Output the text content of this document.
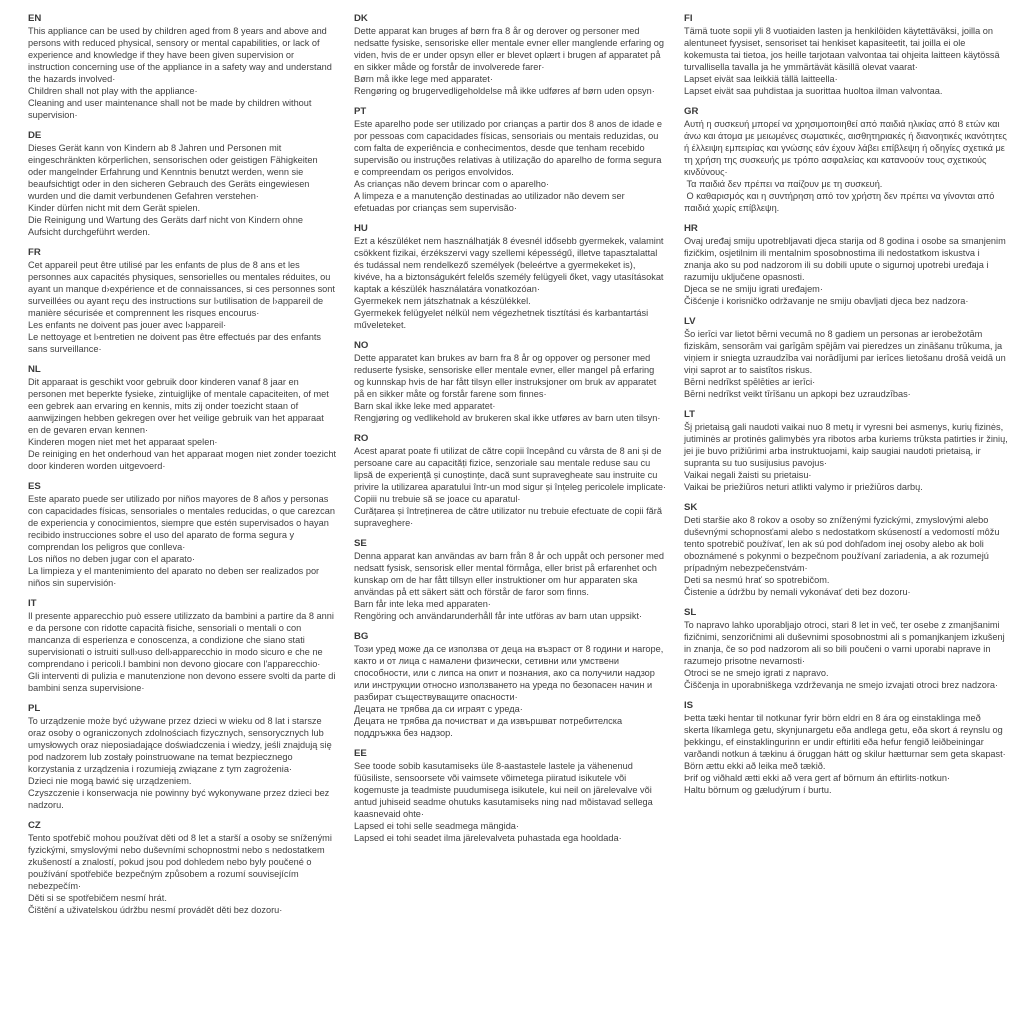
EN

This appliance can be used by children aged from 8 years and above and persons with reduced physical, sensory or mental capabilities, or lack of experience and knowledge if they have been given supervision or instruction concerning use of the appliance in a safety way and understand the hazards involved·

Children shall not play with the appliance·

Cleaning and user maintenance shall not be made by children without supervision·

DE

Dieses Gerät kann von Kindern ab 8 Jahren und Personen mit eingeschränkten körperlichen, sensorischen oder geistigen Fähigkeiten oder mangelnder Erfahrung und Kenntnis benutzt werden, wenn sie beaufsichtigt oder in den sicheren Gebrauch des Geräts eingewiesen wurden und die damit verbundenen Gefahren verstehen·

Kinder dürfen nicht mit dem Gerät spielen.

Die Reinigung und Wartung des Geräts darf nicht von Kindern ohne Aufsicht durchgeführt werden.

FR

Cet appareil peut être utilisé par les enfants de plus de 8 ans et les personnes aux capacités physiques, sensorielles ou mentales réduites, ou ayant un manque d›expérience et de connaissances, si ces personnes sont surveillées ou ayant reçu des instructions sur l›utilisation de l›appareil de manière sécurisée et comprennent les risques encourus·

Les enfants ne doivent pas jouer avec l›appareil·

Le nettoyage et l›entretien ne doivent pas être effectués par des enfants sans surveillance·

NL

Dit apparaat is geschikt voor gebruik door kinderen vanaf 8 jaar en personen met beperkte fysieke, zintuiglijke of mentale capaciteiten, of met een gebrek aan ervaring en kennis, mits zij onder toezicht staan of aanwijzingen hebben gekregen over het veilige gebruik van het apparaat en de gevaren ervan kennen·

Kinderen mogen niet met het apparaat spelen·

De reiniging en het onderhoud van het apparaat mogen niet zonder toezicht door kinderen worden uitgevoerd·

ES

Este aparato puede ser utilizado por niños mayores de 8 años y personas con capacidades físicas, sensoriales o mentales reducidas, o que carezcan de experiencia y conocimientos, siempre que estén supervisados o hayan recibido instrucciones sobre el uso del aparato de forma segura y comprendan los peligros que conlleva·

Los niños no deben jugar con el aparato·

La limpieza y el mantenimiento del aparato no deben ser realizados por niños sin supervisión·

IT

Il presente apparecchio può essere utilizzato da bambini a partire da 8 anni e da persone con ridotte capacità fisiche, sensoriali o mentali o con mancanza di esperienza e conoscenza, a condizione che siano stati supervisionati o istruiti sull›uso dell›apparecchio in modo sicuro e che ne comprendano i pericoli.I bambini non devono giocare con l'apparecchio·

Gli interventi di pulizia e manutenzione non devono essere svolti da parte di bambini senza supervisione·

PL

To urządzenie może być używane przez dzieci w wieku od 8 lat i starsze oraz osoby o ograniczonych zdolnościach fizycznych, sensorycznych lub umysłowych oraz nieposiadające doświadczenia i wiedzy, jeśli znajdują się pod nadzorem lub zostały poinstruowane na temat bezpiecznego korzystania z urządzenia i rozumieją związane z tym zagrożenia·

Dzieci nie mogą bawić się urządzeniem.

Czyszczenie i konserwacja nie powinny być wykonywane przez dzieci bez nadzoru.

CZ

Tento spotřebič mohou používat děti od 8 let a starší a osoby se sníženými fyzickými, smyslovými nebo duševními schopnostmi nebo s nedostatkem zkušeností a znalostí, pokud jsou pod dohledem nebo byly poučené o používání spotřebiče bezpečným způsobem a rozumí souvisejícím nebezpečím·

Děti si se spotřebičem nesmí hrát.

Čištění a uživatelskou údržbu nesmí provádět děti bez dozoru·

DK

Dette apparat kan bruges af børn fra 8 år og derover og personer med nedsatte fysiske, sensoriske eller mentale evner eller manglende erfaring og viden, hvis de er under opsyn eller er blevet oplært i brugen af apparatet på en sikker måde og forstår de involverede farer·

Børn må ikke lege med apparatet·

Rengøring og brugervedligeholdelse må ikke udføres af børn uden opsyn·

PT

Este aparelho pode ser utilizado por crianças a partir dos 8 anos de idade e por pessoas com capacidades físicas, sensoriais ou mentais reduzidas, ou com falta de experiência e conhecimentos, desde que tenham recebido supervisão ou instruções relativas à utilização do aparelho de forma segura e compreendam os perigos envolvidos.

As crianças não devem brincar com o aparelho·

A limpeza e a manutenção destinadas ao utilizador não devem ser efetuadas por crianças sem supervisão·

HU

Ezt a készüléket nem használhatják 8 évesnél idősebb gyermekek, valamint csökkent fizikai, érzékszervi vagy szellemi képességű, illetve tapasztalattal és tudással nem rendelkező személyek (beleértve a gyermekeket is), kivéve, ha a biztonságukért felelős személy felügyeli őket, vagy utasításokat kaptak a készülék használatára vonatkozóan·

Gyermekek nem játszhatnak a készülékkel.

Gyermekek felügyelet nélkül nem végezhetnek tisztítási és karbantartási műveleteket.

NO

Dette apparatet kan brukes av barn fra 8 år og oppover og personer med reduserte fysiske, sensoriske eller mentale evner, eller mangel på erfaring og kunnskap hvis de har fått tilsyn eller instruksjoner om bruk av apparatet på en sikker måte og forstår farene som finnes·

Barn skal ikke leke med apparatet·

Rengjøring og vedlikehold av brukeren skal ikke utføres av barn uten tilsyn·

RO

Acest aparat poate fi utilizat de către copii începând cu vârsta de 8 ani și de persoane care au capacități fizice, senzoriale sau mentale reduse sau cu lipsă de experiență și cunoștințe, dacă sunt supravegheate sau instruite cu privire la utilizarea aparatului într-un mod sigur și înțeleg pericolele implicate·

Copiii nu trebuie să se joace cu aparatul·

Curățarea și întreținerea de către utilizator nu trebuie efectuate de copii fără supraveghere·

SE

Denna apparat kan användas av barn från 8 år och uppåt och personer med nedsatt fysisk, sensorisk eller mental förmåga, eller brist på erfarenhet och kunskap om de har fått tillsyn eller instruktioner om hur apparaten ska användas på ett säkert sätt och förstår de faror som finns.

Barn får inte leka med apparaten·

Rengöring och användarunderhåll får inte utföras av barn utan uppsikt·

BG

Този уред може да се използва от деца на възраст от 8 години и нагоре, както и от лица с намалени физически, сетивни или умствени способности, или с липса на опит и познания, ако са получили надзор или инструкции относно използването на уреда по безопасен начин и разбират съществуващите опасности·

Децата не трябва да си играят с уреда·

Децата не трябва да почистват и да извършват потребителска поддръжка без надзор.

EE

See toode sobib kasutamiseks üle 8-aastastele lastele ja vähenenud füüsiliste, sensoorsete või vaimsete võimetega piiratud isikutele või kogemuste ja teadmiste puudumisega isikutele, kui neil on järelevalve või antud juhiseid seadme ohutuks kasutamiseks ning nad mõistavad sellega kaasnevaid ohte·

Lapsed ei tohi selle seadmega mängida·

Lapsed ei tohi seadet ilma järelevalveta puhastada ega hooldada·

FI

Tämä tuote sopii yli 8 vuotiaiden lasten ja henkilöiden käytettäväksi, joilla on alentuneet fyysiset, sensoriset tai henkiset kapasiteetit, tai joilla ei ole kokemusta tai tietoa, jos heille tarjotaan valvontaa tai ohjeita laitteen käytössä turvallisella tavalla ja he ymmärtävät käsillä olevat vaarat·

Lapset eivät saa leikkiä tällä laitteella·

Lapset eivät saa puhdistaa ja suorittaa huoltoa ilman valvontaa.

GR

Αυτή η συσκευή μπορεί να χρησιμοποιηθεί από παιδιά ηλικίας από 8 ετών και άνω και άτομα με μειωμένες σωματικές, αισθητηριακές ή διανοητικές ικανότητες ή έλλειψη εμπειρίας και γνώσης εάν έχουν λάβει επίβλεψη ή οδηγίες σχετικά με τη χρήση της συσκευής με τρόπο ασφαλείας και κατανοούν τους σχετικούς κινδύνους·

Τα παιδιά δεν πρέπει να παίζουν με τη συσκευή.

Ο καθαρισμός και η συντήρηση από τον χρήστη δεν πρέπει να γίνονται από παιδιά χωρίς επίβλεψη.

HR

Ovaj uređaj smiju upotrebljavati djeca starija od 8 godina i osobe sa smanjenim fizičkim, osjetilnim ili mentalnim sposobnostima ili nedostatkom iskustva i znanja ako su pod nadzorom ili su dobili upute o sigurnoj upotrebi uređaja i razumiju uključene opasnosti.

Djeca se ne smiju igrati uređajem·

Čišćenje i korisničko održavanje ne smiju obavljati djeca bez nadzora·

LV

Šo ierīci var lietot bērni vecumā no 8 gadiem un personas ar ierobežotām fiziskām, sensorām vai garīgām spējām vai pieredzes un zināšanu trūkuma, ja viņiem ir sniegta uzraudzība vai norādījumi par ierīces lietošanu drošā veidā un viņi saprot ar to saistītos riskus.

Bērni nedrīkst spēlēties ar ierīci·

Bērni nedrīkst veikt tīrīšanu un apkopi bez uzraudzības·

LT

Šį prietaisą gali naudoti vaikai nuo 8 metų ir vyresni bei asmenys, kurių fizinės, jutiminės ar protinės galimybės yra ribotos arba kuriems trūksta patirties ir žinių, jei jie buvo prižiūrimi arba instruktuojami, kaip saugiai naudoti prietaisą, ir supranta su tuo susijusius pavojus·

Vaikai negali žaisti su prietaisu·

Vaikai be priežiūros neturi atlikti valymo ir priežiūros darbų.

SK

Deti staršie ako 8 rokov a osoby so zníženými fyzickými, zmyslovými alebo duševnými schopnosťami alebo s nedostatkom skúseností a vedomostí môžu tento spotrebič používať, len ak sú pod dohľadom inej osoby alebo ak boli oboznámené s pokynmi o bezpečnom používaní zariadenia, a ak rozumejú prípadným nebezpečenstvám·

Deti sa nesmú hrať so spotrebičom.

Čistenie a údržbu by nemali vykonávať deti bez dozoru·

SL

To napravo lahko uporabljajo otroci, stari 8 let in več, ter osebe z zmanjšanimi fizičnimi, senzoričnimi ali duševnimi sposobnostmi ali s pomanjkanjem izkušenj in znanja, če so pod nadzorom ali so bili poučeni o varni uporabi naprave in razumejo prisotne nevarnosti·

Otroci se ne smejo igrati z napravo.

Čiščenja in uporabniškega vzdrževanja ne smejo izvajati otroci brez nadzora·

IS

Þetta tæki hentar til notkunar fyrir börn eldri en 8 ára og einstaklinga með skerta líkamlega getu, skynjunargetu eða andlega getu, eða skort á reynslu og þekkingu, ef einstaklingurinn er undir eftirliti eða hefur fengið leiðbeiningar varðandi notkun á tækinu á öruggan hátt og skilur hætturnar sem geta skapast·

Börn ættu ekki að leika með tækið.

Þrif og viðhald ætti ekki að vera gert af börnum án eftirlits·notkun·

Haltu börnum og gæludýrum í burtu.
